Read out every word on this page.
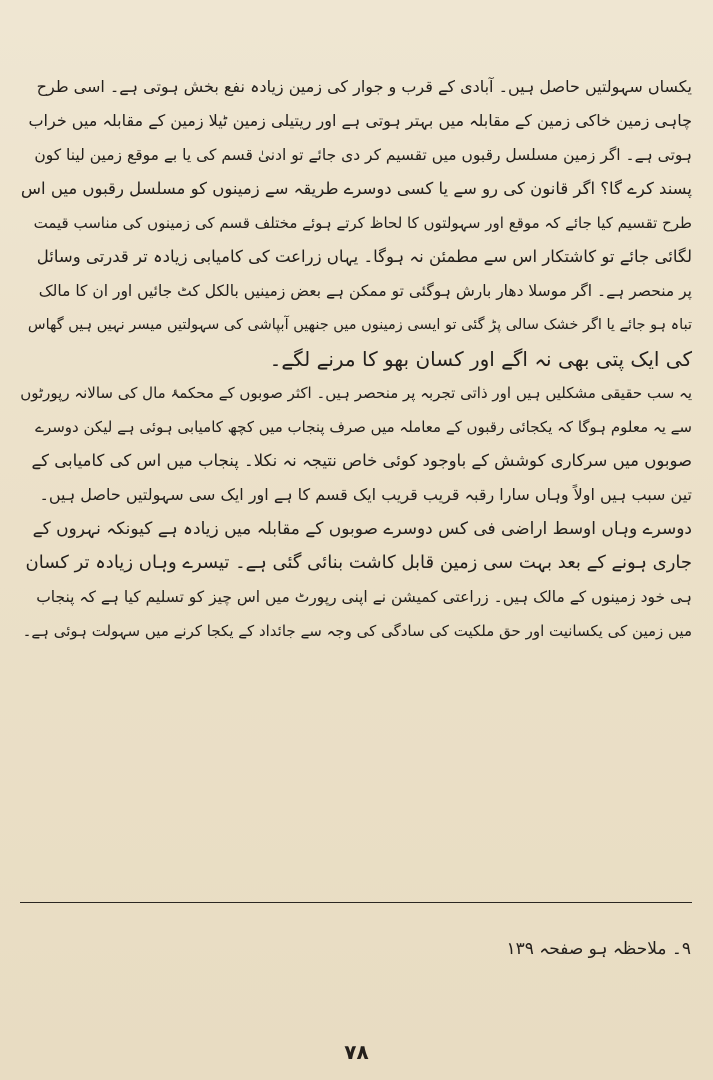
یکساں سہولتیں حاصل ہیں۔ آبادی کے قرب و جوار کی زمین زیادہ نفع بخش ہوتی ہے۔ اسی طرح
چاہی زمین خاکی زمین کے مقابلہ میں بہتر ہوتی ہے اور ریتیلی زمین ٹیلا زمین کے مقابلہ میں خراب
ہوتی ہے۔ اگر زمین مسلسل رقبوں میں تقسیم کر دی جائے تو ادنیٰ قسم کی یا بے موقع زمین لینا کون
پسند کرے گا؟ اگر قانون کی رو سے یا کسی دوسرے طریقہ سے زمینوں کو مسلسل رقبوں میں اس
طرح تقسیم کیا جائے کہ موقع اور سہولتوں کا لحاظ کرتے ہوئے مختلف قسم کی زمینوں کی مناسب قیمت
لگائی جائے تو کاشتکار اس سے مطمئن نہ ہوگا۔ یہاں زراعت کی کامیابی زیادہ تر قدرتی وسائل
پر منحصر ہے۔ اگر موسلا دھار بارش ہوگئی تو ممکن ہے بعض زمینیں بالکل کٹ جائیں اور ان کا مالک
تباہ ہو جائے یا اگر خشک سالی پڑ گئی تو ایسی زمینوں میں جنھیں آبپاشی کی سہولتیں میسر نہیں ہیں گھاس
کی ایک پتی بھی نہ اگے اور کسان بھو کا مرنے لگے۔

یہ سب حقیقی مشکلیں ہیں اور ذاتی تجربہ پر منحصر ہیں۔ اکثر صوبوں کے محکمۂ مال کی سالانہ رپورٹوں
سے یہ معلوم ہوگا کہ یکجائی رقبوں کے معاملہ میں صرف پنجاب میں کچھ کامیابی ہوئی ہے لیکن دوسرے
صوبوں میں سرکاری کوشش کے باوجود کوئی خاص نتیجہ نہ نکلا۔ پنجاب میں اس کی کامیابی کے
تین سبب ہیں اولاً وہاں سارا رقبہ قریب قریب ایک قسم کا ہے اور ایک سی سہولتیں حاصل ہیں۔
دوسرے وہاں اوسط اراضی فی کس دوسرے صوبوں کے مقابلہ میں زیادہ ہے کیونکہ نہروں کے
جاری ہونے کے بعد بہت سی زمین قابل کاشت بنائی گئی ہے۔ تیسرے وہاں زیادہ تر کسان
ہی خود زمینوں کے مالک ہیں۔ زراعتی کمیشن نے اپنی رپورٹ میں اس چیز کو تسلیم کیا ہے کہ پنجاب
میں زمین کی یکسانیت اور حق ملکیت کی سادگی کی وجہ سے جائداد کے یکجا کرنے میں سہولت ہوئی ہے۔

۹۔ ملاحظہ ہو صفحہ ۱۳۹
۷۸
